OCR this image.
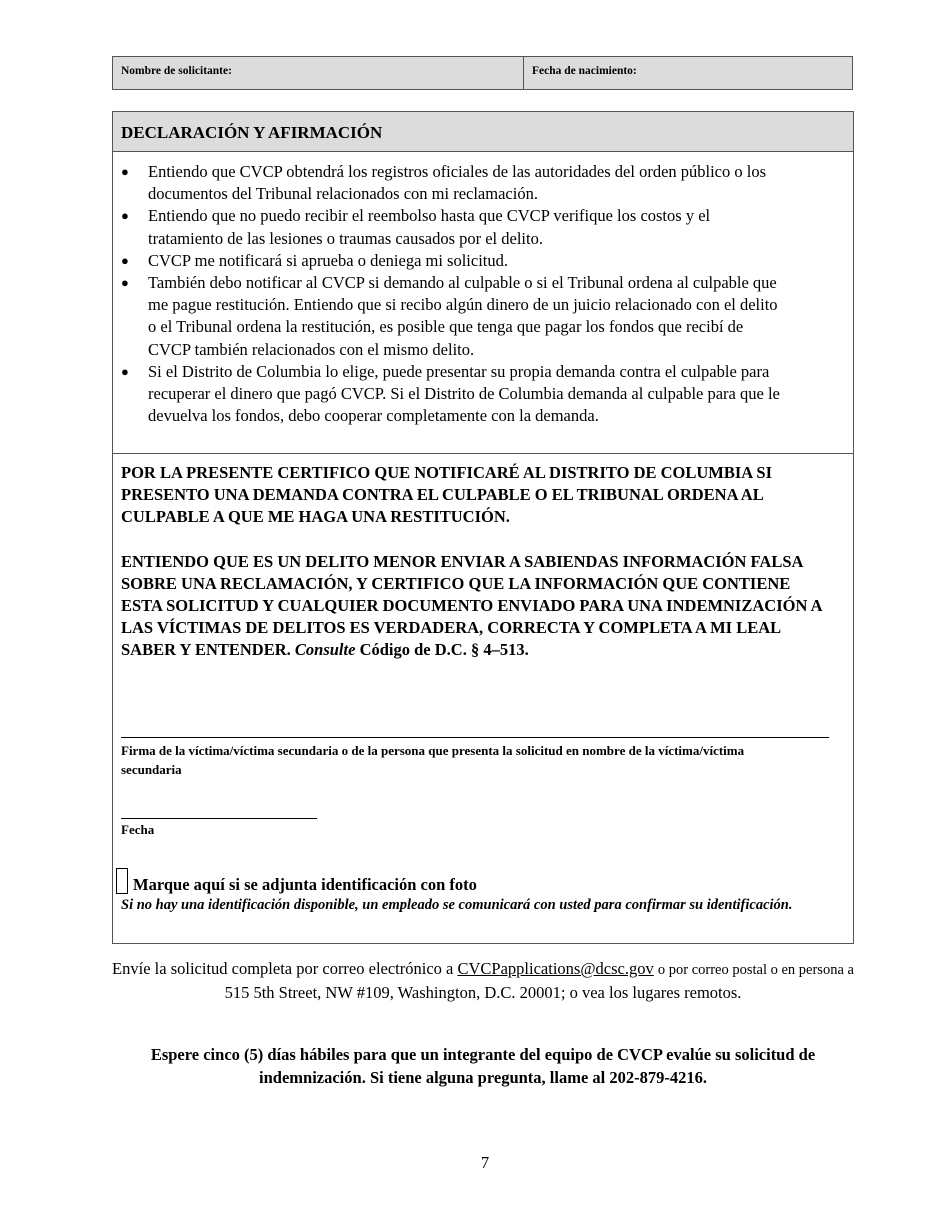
Nombre de solicitante:	Fecha de nacimiento:
DECLARACIÓN Y AFIRMACIÓN
● Entiendo que CVCP obtendrá los registros oficiales de las autoridades del orden público o los documentos del Tribunal relacionados con mi reclamación.
● Entiendo que no puedo recibir el reembolso hasta que CVCP verifique los costos y el tratamiento de las lesiones o traumas causados por el delito.
● CVCP me notificará si aprueba o deniega mi solicitud.
● También debo notificar al CVCP si demando al culpable o si el Tribunal ordena al culpable que me pague restitución. Entiendo que si recibo algún dinero de un juicio relacionado con el delito o el Tribunal ordena la restitución, es posible que tenga que pagar los fondos que recibí de CVCP también relacionados con el mismo delito.
● Si el Distrito de Columbia lo elige, puede presentar su propia demanda contra el culpable para recuperar el dinero que pagó CVCP. Si el Distrito de Columbia demanda al culpable para que le devuelva los fondos, debo cooperar completamente con la demanda.

POR LA PRESENTE CERTIFICO QUE NOTIFICARÉ AL DISTRITO DE COLUMBIA SI PRESENTO UNA DEMANDA CONTRA EL CULPABLE O EL TRIBUNAL ORDENA AL CULPABLE A QUE ME HAGA UNA RESTITUCIÓN.

ENTIENDO QUE ES UN DELITO MENOR ENVIAR A SABIENDAS INFORMACIÓN FALSA SOBRE UNA RECLAMACIÓN, Y CERTIFICO QUE LA INFORMACIÓN QUE CONTIENE ESTA SOLICITUD Y CUALQUIER DOCUMENTO ENVIADO PARA UNA INDEMNIZACIÓN A LAS VÍCTIMAS DE DELITOS ES VERDADERA, CORRECTA Y COMPLETA A MI LEAL SABER Y ENTENDER. Consulte Código de D.C. § 4–513.

Firma de la víctima/víctima secundaria o de la persona que presenta la solicitud en nombre de la víctima/víctima secundaria
Fecha
Marque aquí si se adjunta identificación con foto
Si no hay una identificación disponible, un empleado se comunicará con usted para confirmar su identificación.
Envíe la solicitud completa por correo electrónico a CVCPapplications@dcsc.gov o por correo postal o en persona a 515 5th Street, NW #109, Washington, D.C. 20001; o vea los lugares remotos.
Espere cinco (5) días hábiles para que un integrante del equipo de CVCP evalúe su solicitud de indemnización. Si tiene alguna pregunta, llame al 202-879-4216.
7
